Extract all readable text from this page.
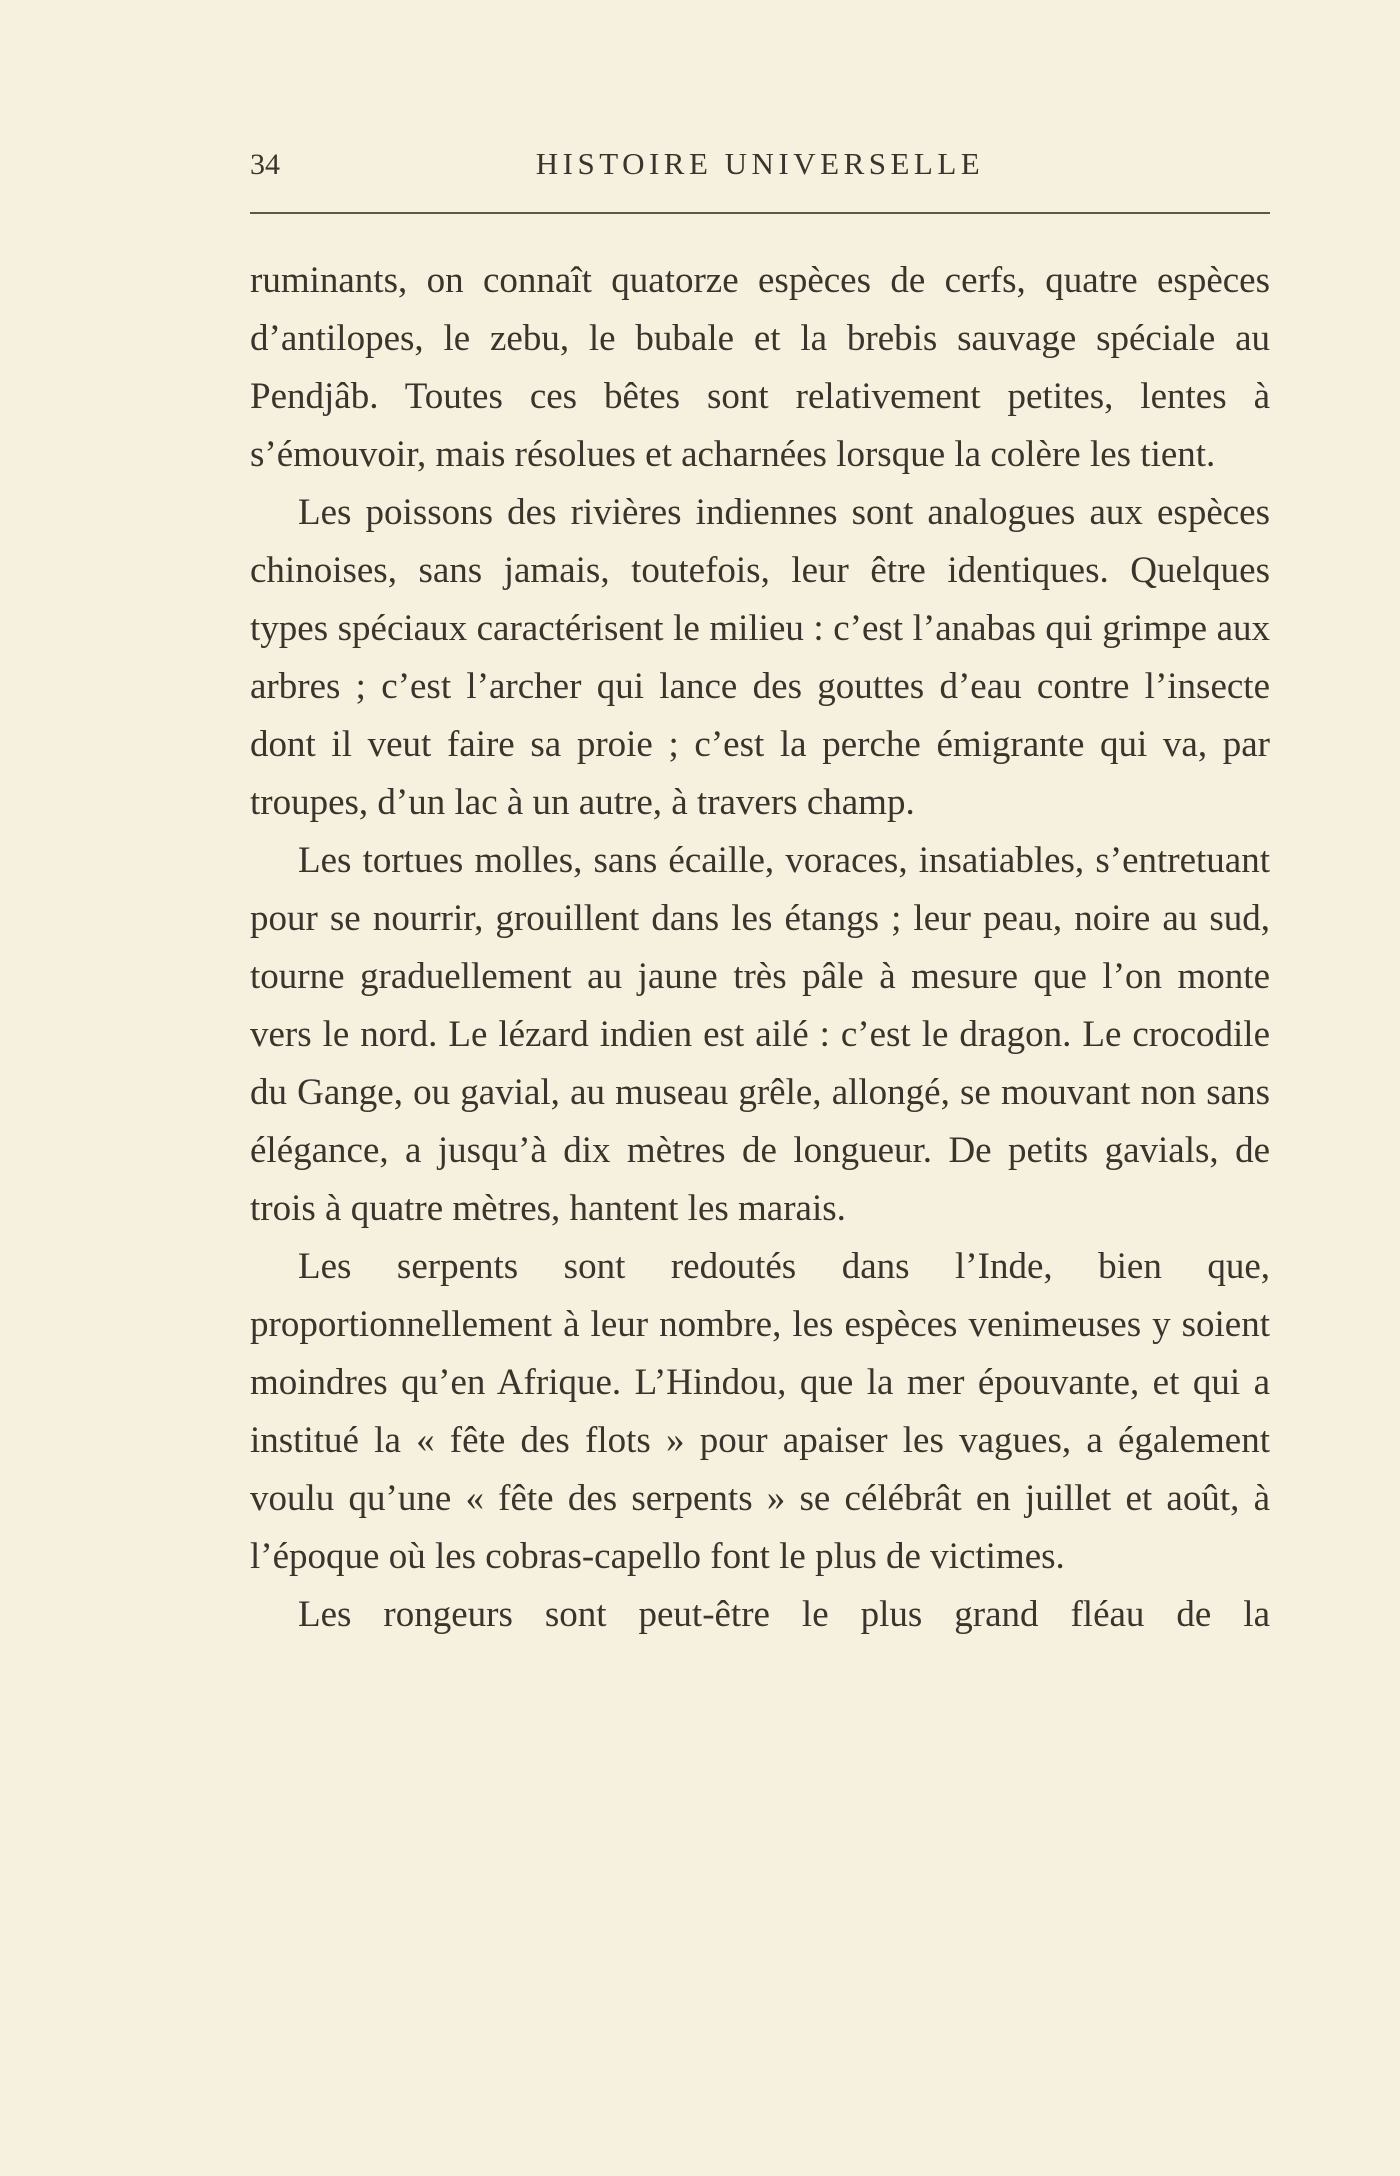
34	HISTOIRE UNIVERSELLE

ruminants, on connaît quatorze espèces de cerfs, quatre espèces d’antilopes, le zebu, le bubale et la brebis sauvage spéciale au Pendjâb. Toutes ces bêtes sont relativement petites, lentes à s’émouvoir, mais résolues et acharnées lorsque la colère les tient.

Les poissons des rivières indiennes sont analogues aux espèces chinoises, sans jamais, toutefois, leur être identiques. Quelques types spéciaux caractérisent le milieu : c’est l’anabas qui grimpe aux arbres ; c’est l’archer qui lance des gouttes d’eau contre l’insecte dont il veut faire sa proie ; c’est la perche émigrante qui va, par troupes, d’un lac à un autre, à travers champ.

Les tortues molles, sans écaille, voraces, insatiables, s’entretuant pour se nourrir, grouillent dans les étangs ; leur peau, noire au sud, tourne graduellement au jaune très pâle à mesure que l’on monte vers le nord. Le lézard indien est ailé : c’est le dragon. Le crocodile du Gange, ou gavial, au museau grêle, allongé, se mouvant non sans élégance, a jusqu’à dix mètres de longueur. De petits gavials, de trois à quatre mètres, hantent les marais.

Les serpents sont redoutés dans l’Inde, bien que, proportionnellement à leur nombre, les espèces venimeuses y soient moindres qu’en Afrique. L’Hindou, que la mer épouvante, et qui a institué la « fête des flots » pour apaiser les vagues, a également voulu qu’une « fête des serpents » se célébrât en juillet et août, à l’époque où les cobras-capello font le plus de victimes.

Les rongeurs sont peut-être le plus grand fléau de la
